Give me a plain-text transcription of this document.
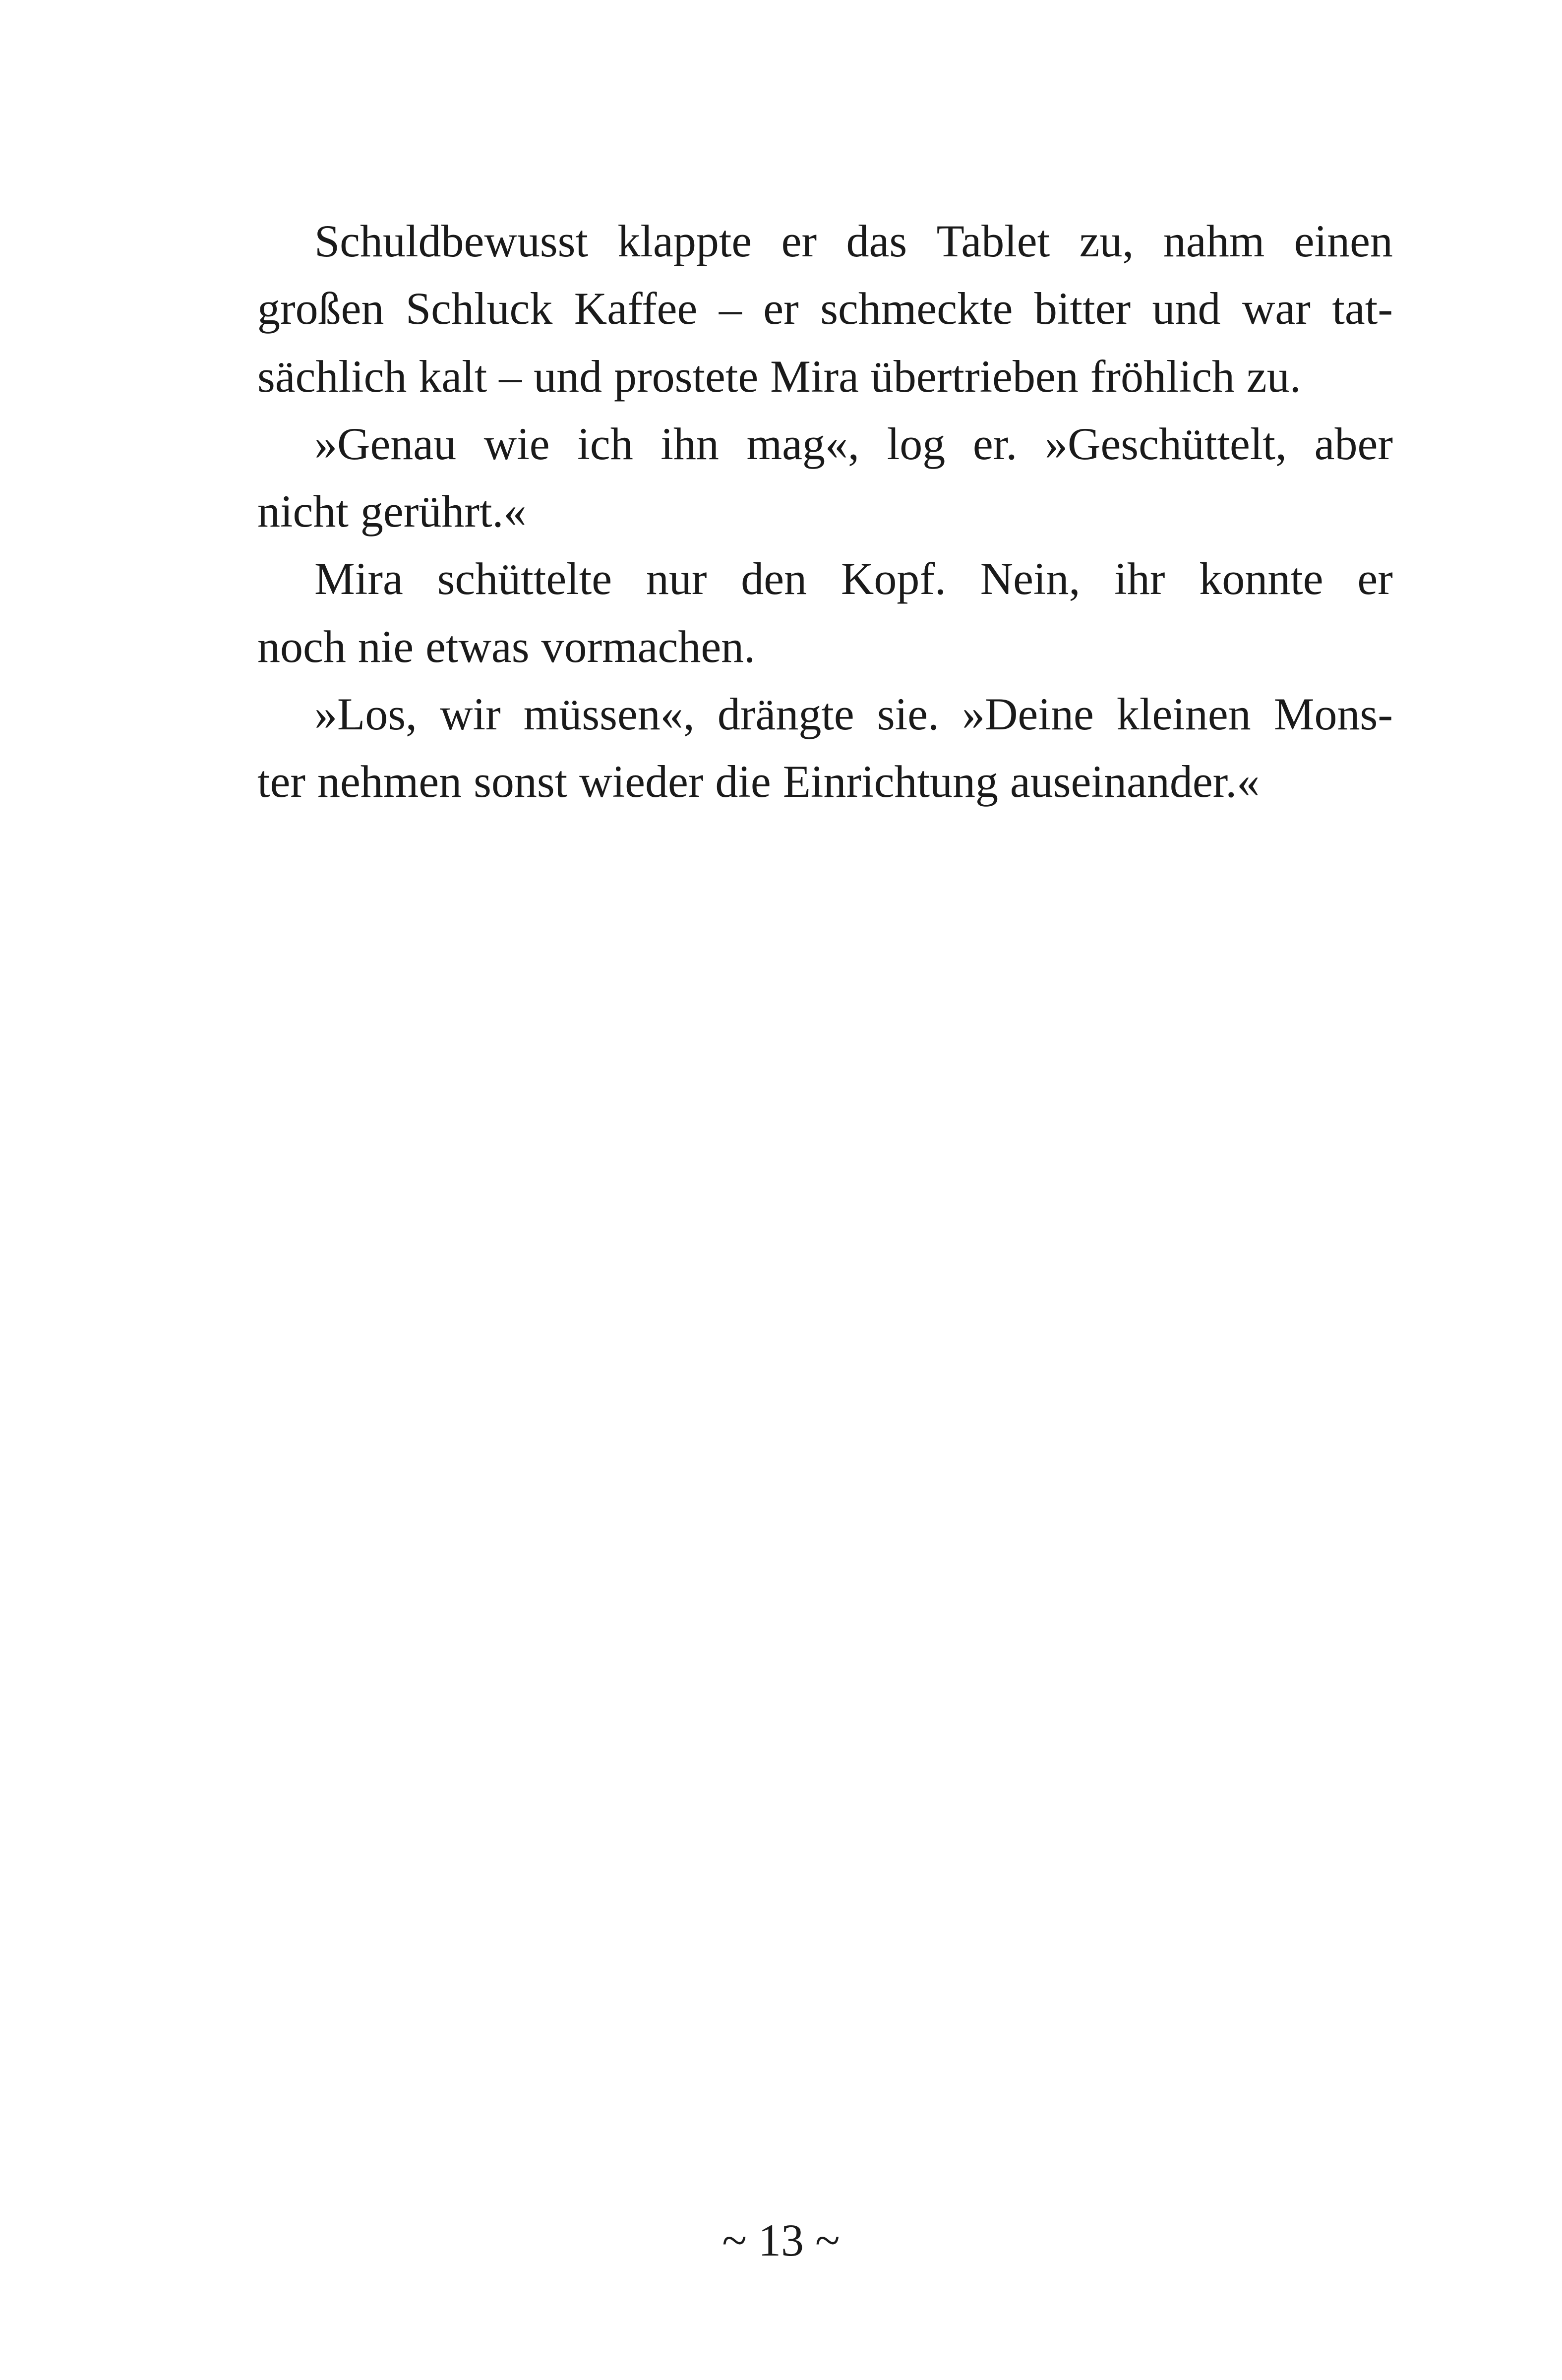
Schuldbewusst klappte er das Tablet zu, nahm einen
großen Schluck Kaffee – er schmeckte bitter und war tat-
sächlich kalt – und prostete Mira übertrieben fröhlich zu.
»Genau wie ich ihn mag«, log er. »Geschüttelt, aber
nicht gerührt.«
Mira schüttelte nur den Kopf. Nein, ihr konnte er
noch nie etwas vormachen.
»Los, wir müssen«, drängte sie. »Deine kleinen Mons-
ter nehmen sonst wieder die Einrichtung auseinander.«
~ 13 ~
